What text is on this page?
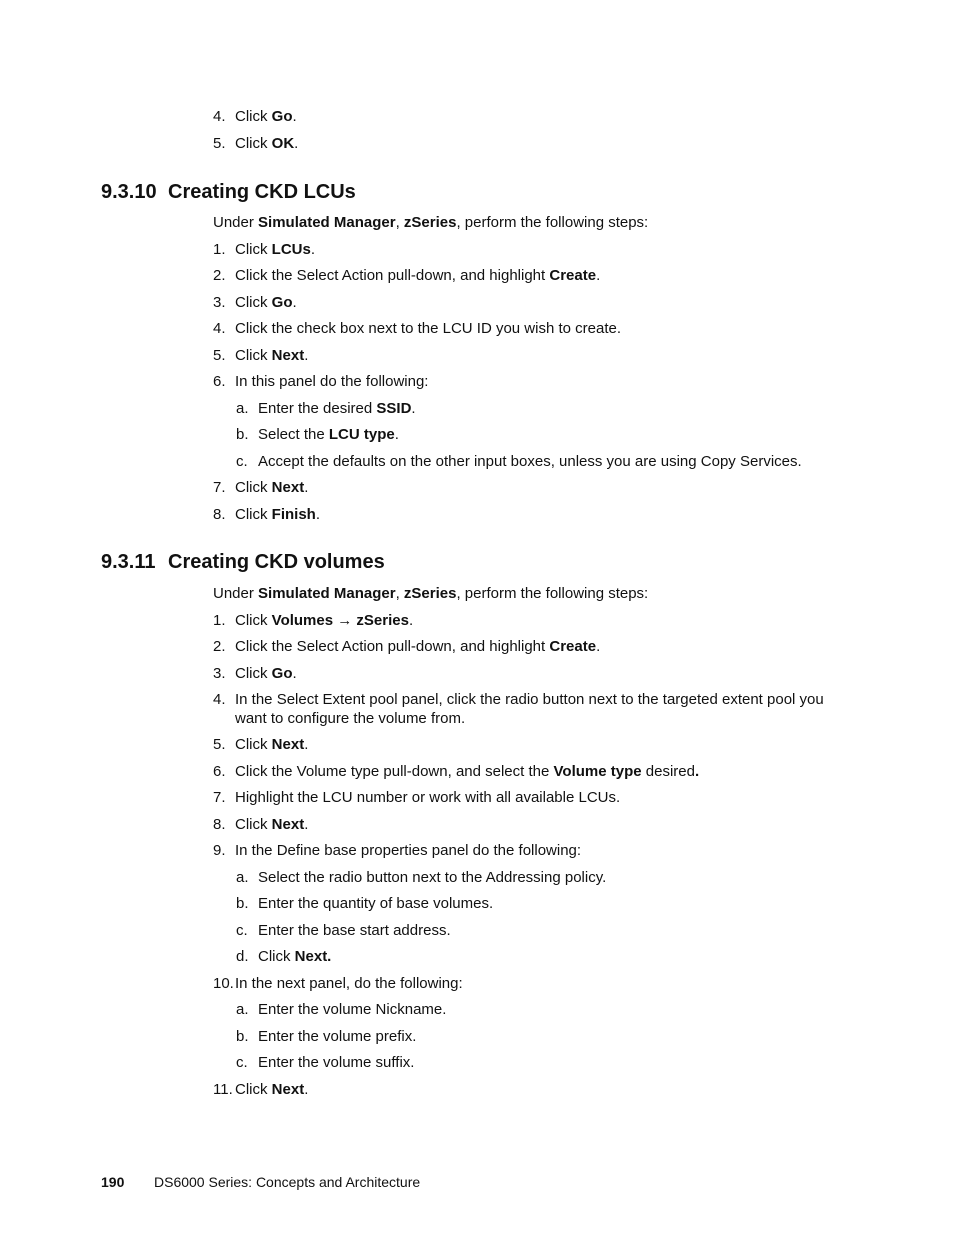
4. Click Go.
5. Click OK.
9.3.10 Creating CKD LCUs
Under Simulated Manager, zSeries, perform the following steps:
1. Click LCUs.
2. Click the Select Action pull-down, and highlight Create.
3. Click Go.
4. Click the check box next to the LCU ID you wish to create.
5. Click Next.
6. In this panel do the following:
a. Enter the desired SSID.
b. Select the LCU type.
c. Accept the defaults on the other input boxes, unless you are using Copy Services.
7. Click Next.
8. Click Finish.
9.3.11 Creating CKD volumes
Under Simulated Manager, zSeries, perform the following steps:
1. Click Volumes → zSeries.
2. Click the Select Action pull-down, and highlight Create.
3. Click Go.
4. In the Select Extent pool panel, click the radio button next to the targeted extent pool you want to configure the volume from.
5. Click Next.
6. Click the Volume type pull-down, and select the Volume type desired.
7. Highlight the LCU number or work with all available LCUs.
8. Click Next.
9. In the Define base properties panel do the following:
a. Select the radio button next to the Addressing policy.
b. Enter the quantity of base volumes.
c. Enter the base start address.
d. Click Next.
10.In the next panel, do the following:
a. Enter the volume Nickname.
b. Enter the volume prefix.
c. Enter the volume suffix.
11. Click Next.
190 DS6000 Series: Concepts and Architecture
